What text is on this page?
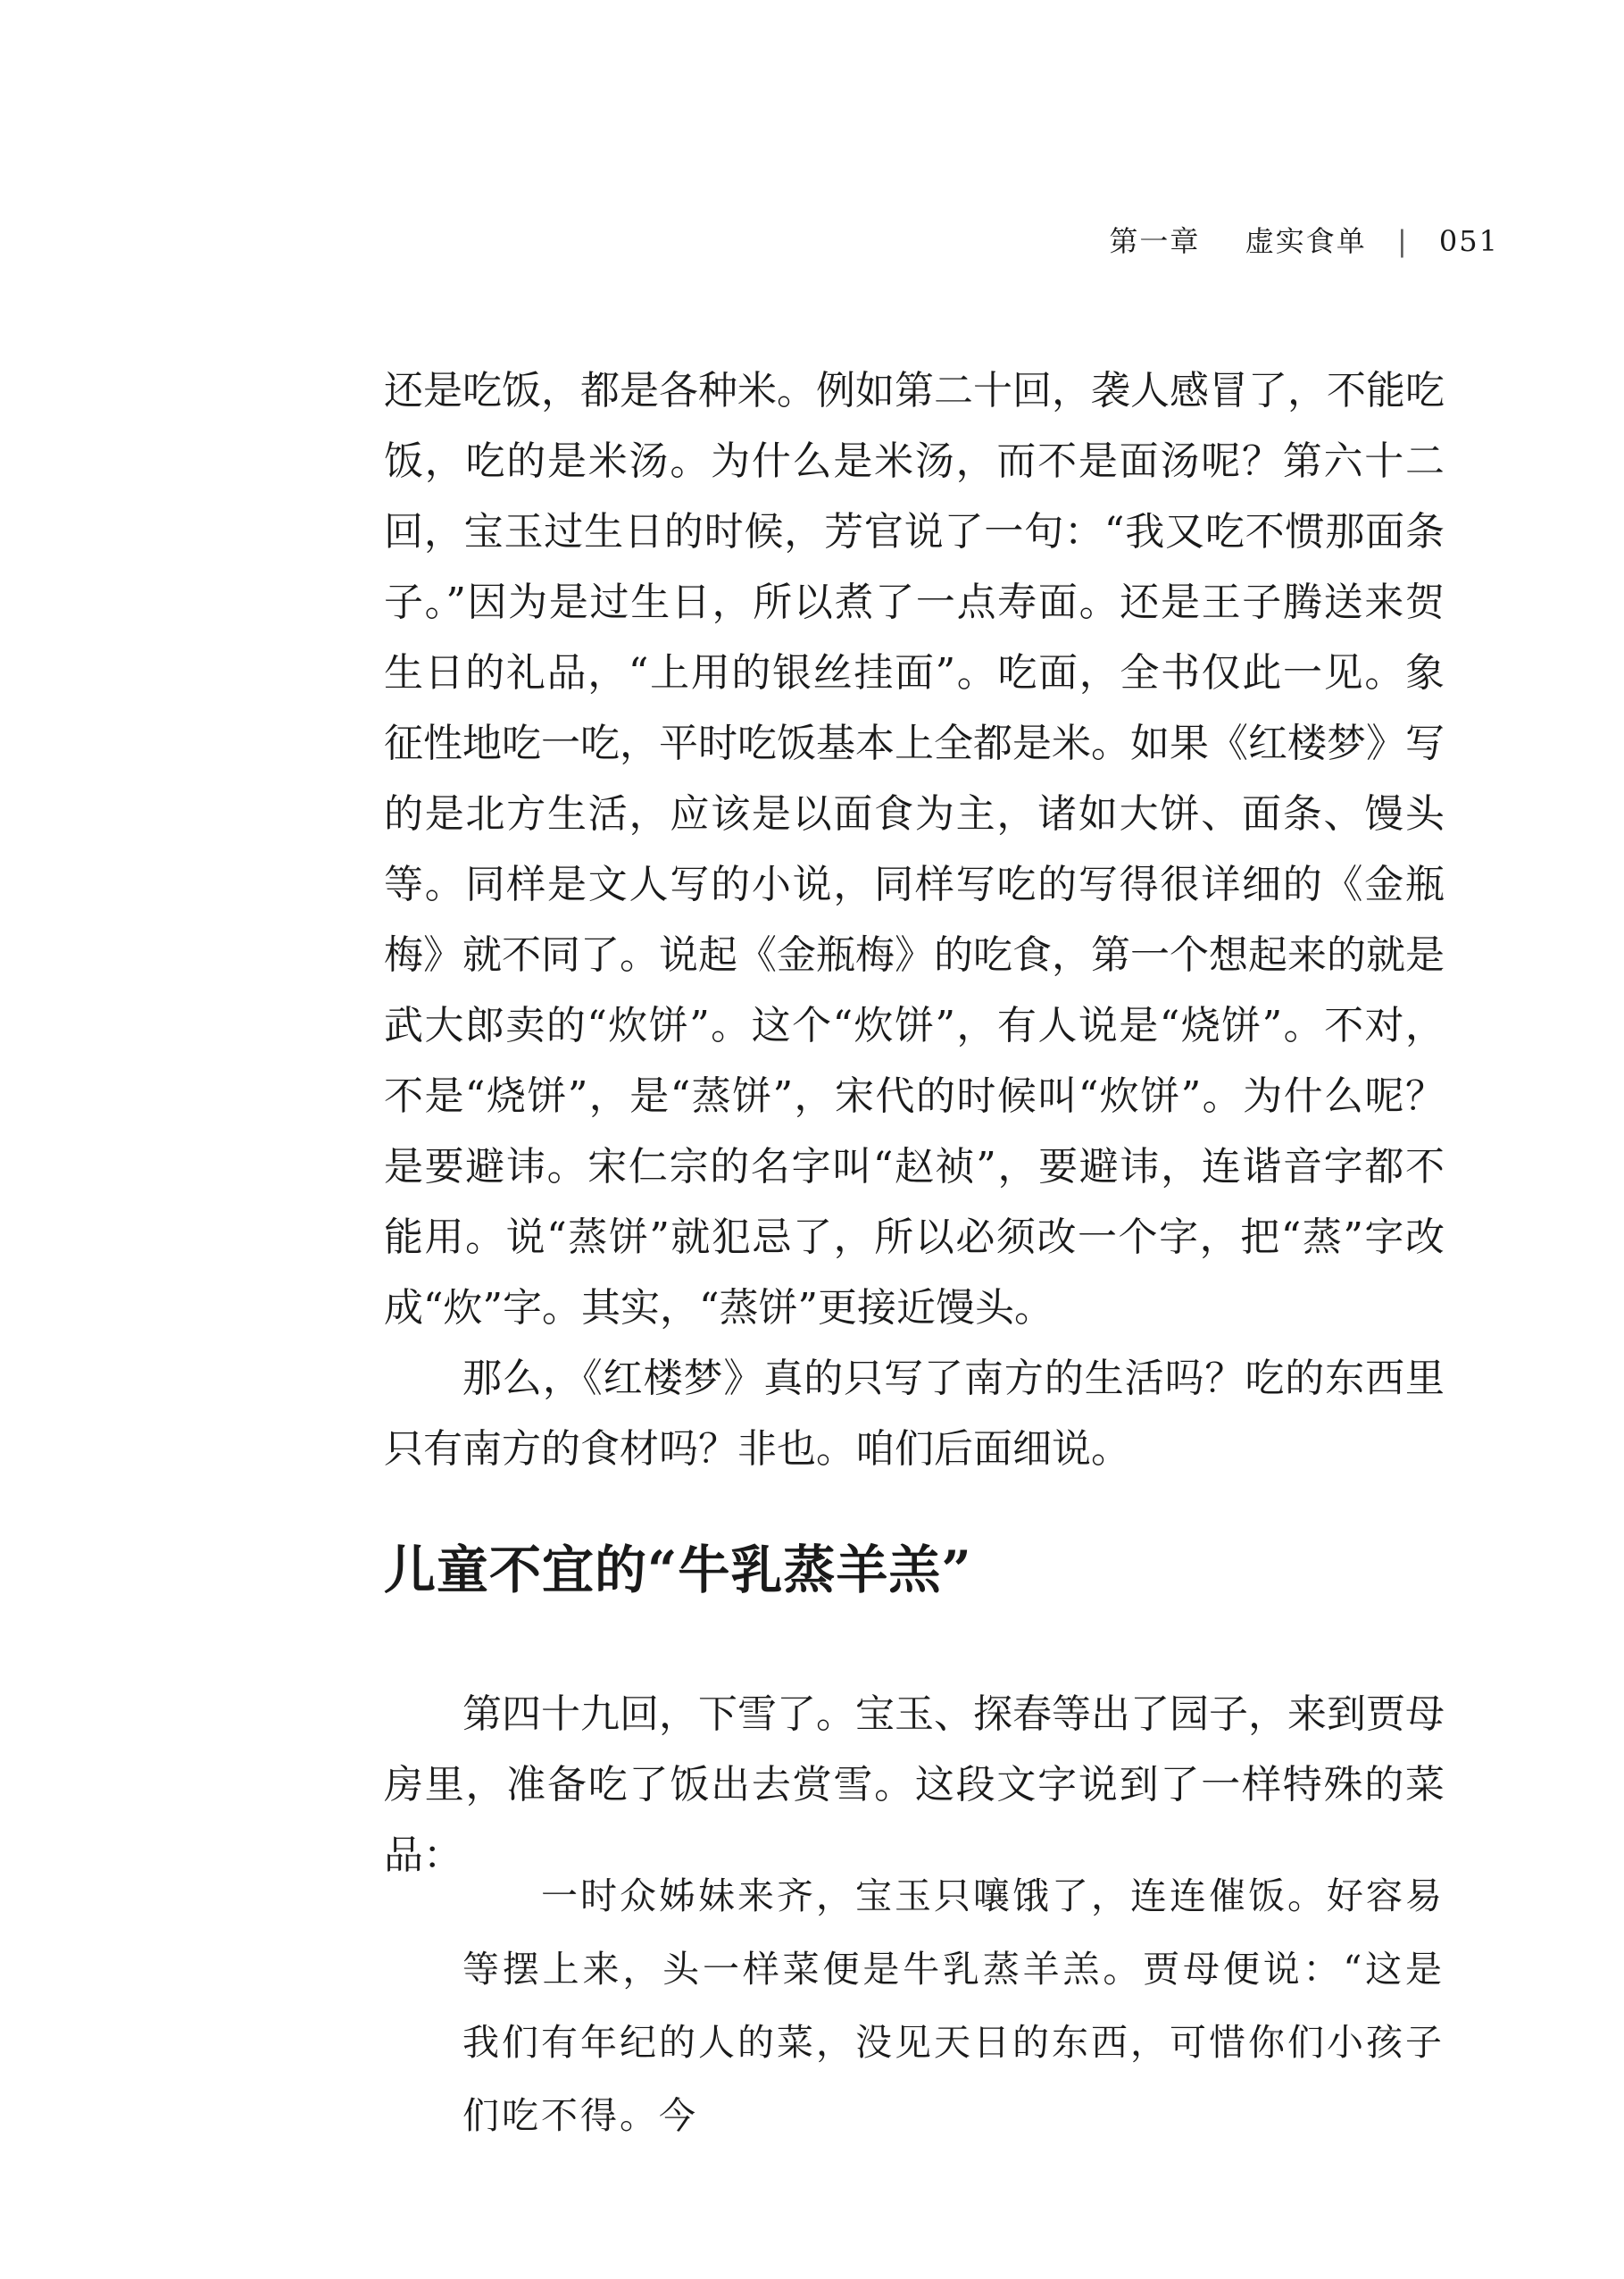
第一章 虚实食单 | 051

还是吃饭，都是各种米。例如第二十回，袭人感冒了，不能吃饭，吃的是米汤。为什么是米汤，而不是面汤呢？第六十二回，宝玉过生日的时候，芳官说了一句：“我又吃不惯那面条子。”因为是过生日，所以煮了一点寿面。还是王子腾送来贺生日的礼品，“上用的银丝挂面”。吃面，全书仅此一见。象征性地吃一吃，平时吃饭基本上全都是米。如果《红楼梦》写的是北方生活，应该是以面食为主，诸如大饼、面条、馒头等。同样是文人写的小说，同样写吃的写得很详细的《金瓶梅》就不同了。说起《金瓶梅》的吃食，第一个想起来的就是武大郎卖的“炊饼”。这个“炊饼”，有人说是“烧饼”。不对，不是“烧饼”，是“蒸饼”，宋代的时候叫“炊饼”。为什么呢？是要避讳。宋仁宗的名字叫“赵祯”，要避讳，连谐音字都不能用。说“蒸饼”就犯忌了，所以必须改一个字，把“蒸”字改成“炊”字。其实，“蒸饼”更接近馒头。

那么，《红楼梦》真的只写了南方的生活吗？吃的东西里只有南方的食材吗？非也。咱们后面细说。

儿童不宜的“牛乳蒸羊羔”

第四十九回，下雪了。宝玉、探春等出了园子，来到贾母房里，准备吃了饭出去赏雪。这段文字说到了一样特殊的菜品：

一时众姊妹来齐，宝玉只嚷饿了，连连催饭。好容易等摆上来，头一样菜便是牛乳蒸羊羔。贾母便说：“这是我们有年纪的人的菜，没见天日的东西，可惜你们小孩子们吃不得。今
